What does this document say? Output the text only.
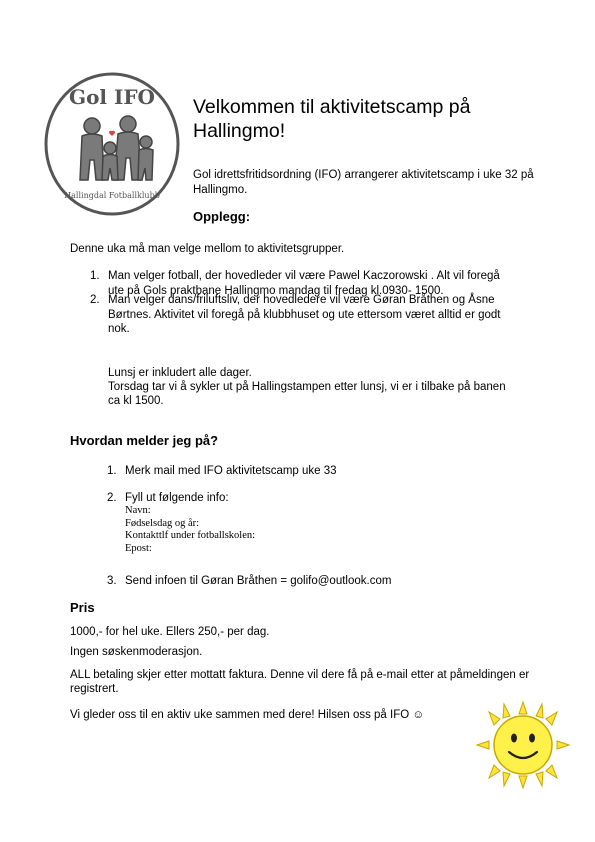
Gol IFO
Hallingdal Fotballklubb
Velkommen til aktivitetscamp på Hallingmo!
Gol idrettsfritidsordning (IFO) arrangerer aktivitetscamp i uke 32 på Hallingmo.
Opplegg:
Denne uka må man velge mellom to aktivitetsgrupper.
1. Man velger fotball, der hovedleder vil være Pawel Kaczorowski . Alt vil foregå
ute på Gols praktbane Hallingmo mandag til fredag kl.0930- 1500.
2. Man velger dans/friluftsliv, der hovedledere vil være Gøran Bråthen og Åsne
Børtnes. Aktivitet vil foregå på klubbhuset og ute ettersom været alltid er godt
nok.
Lunsj er inkludert alle dager.
Torsdag tar vi å sykler ut på Hallingstampen etter lunsj, vi er i tilbake på banen
ca kl 1500.
Hvordan melder jeg på?
1. Merk mail med IFO aktivitetscamp uke 33
2. Fyll ut følgende info:
Navn:
Fødselsdag og år:
Kontakttlf under fotballskolen:
Epost:
3. Send infoen til Gøran Bråthen = golifo@outlook.com
Pris
1000,- for hel uke. Ellers 250,- per dag.
Ingen søskenmoderasjon.
ALL betaling skjer etter mottatt faktura. Denne vil dere få på e-mail etter at påmeldingen er
registrert.
Vi gleder oss til en aktiv uke sammen med dere! Hilsen oss på IFO ☺
